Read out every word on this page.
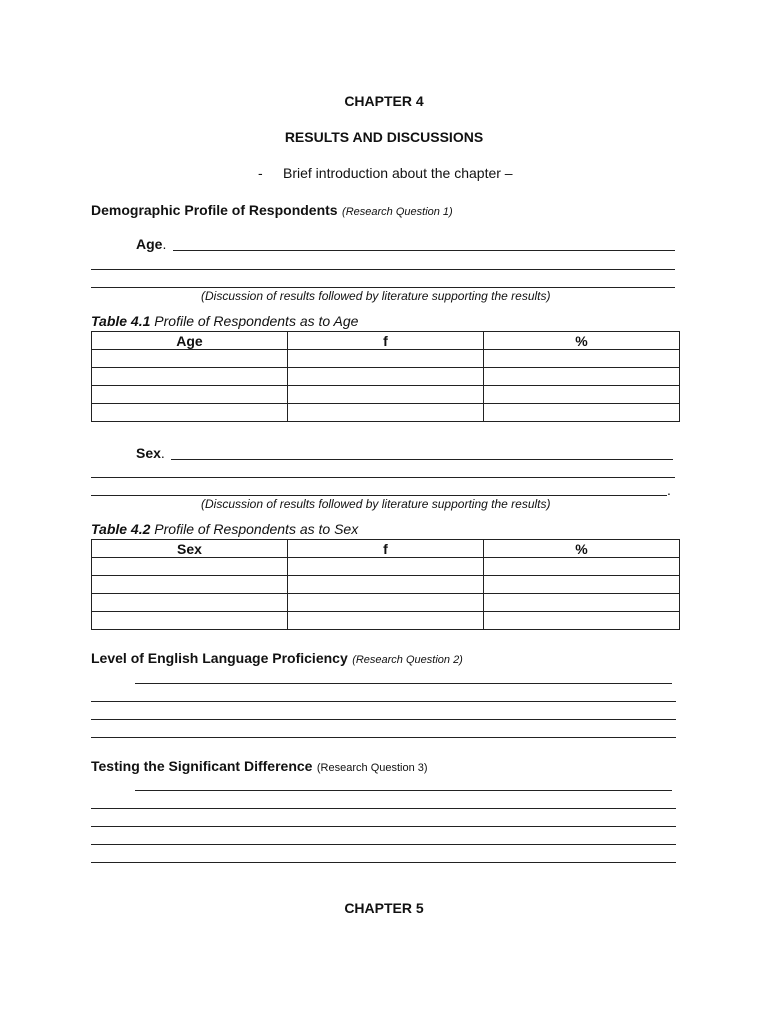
CHAPTER 4
RESULTS AND DISCUSSIONS
- Brief introduction about the chapter –
Demographic Profile of Respondents (Research Question 1)
Age.
(Discussion of results followed by literature supporting the results)
Table 4.1 Profile of Respondents as to Age
Age	f	%

Sex.
.
(Discussion of results followed by literature supporting the results)
Table 4.2 Profile of Respondents as to Sex
Sex	f	%

Level of English Language Proficiency (Research Question 2)
Testing the Significant Difference (Research Question 3)
CHAPTER 5
